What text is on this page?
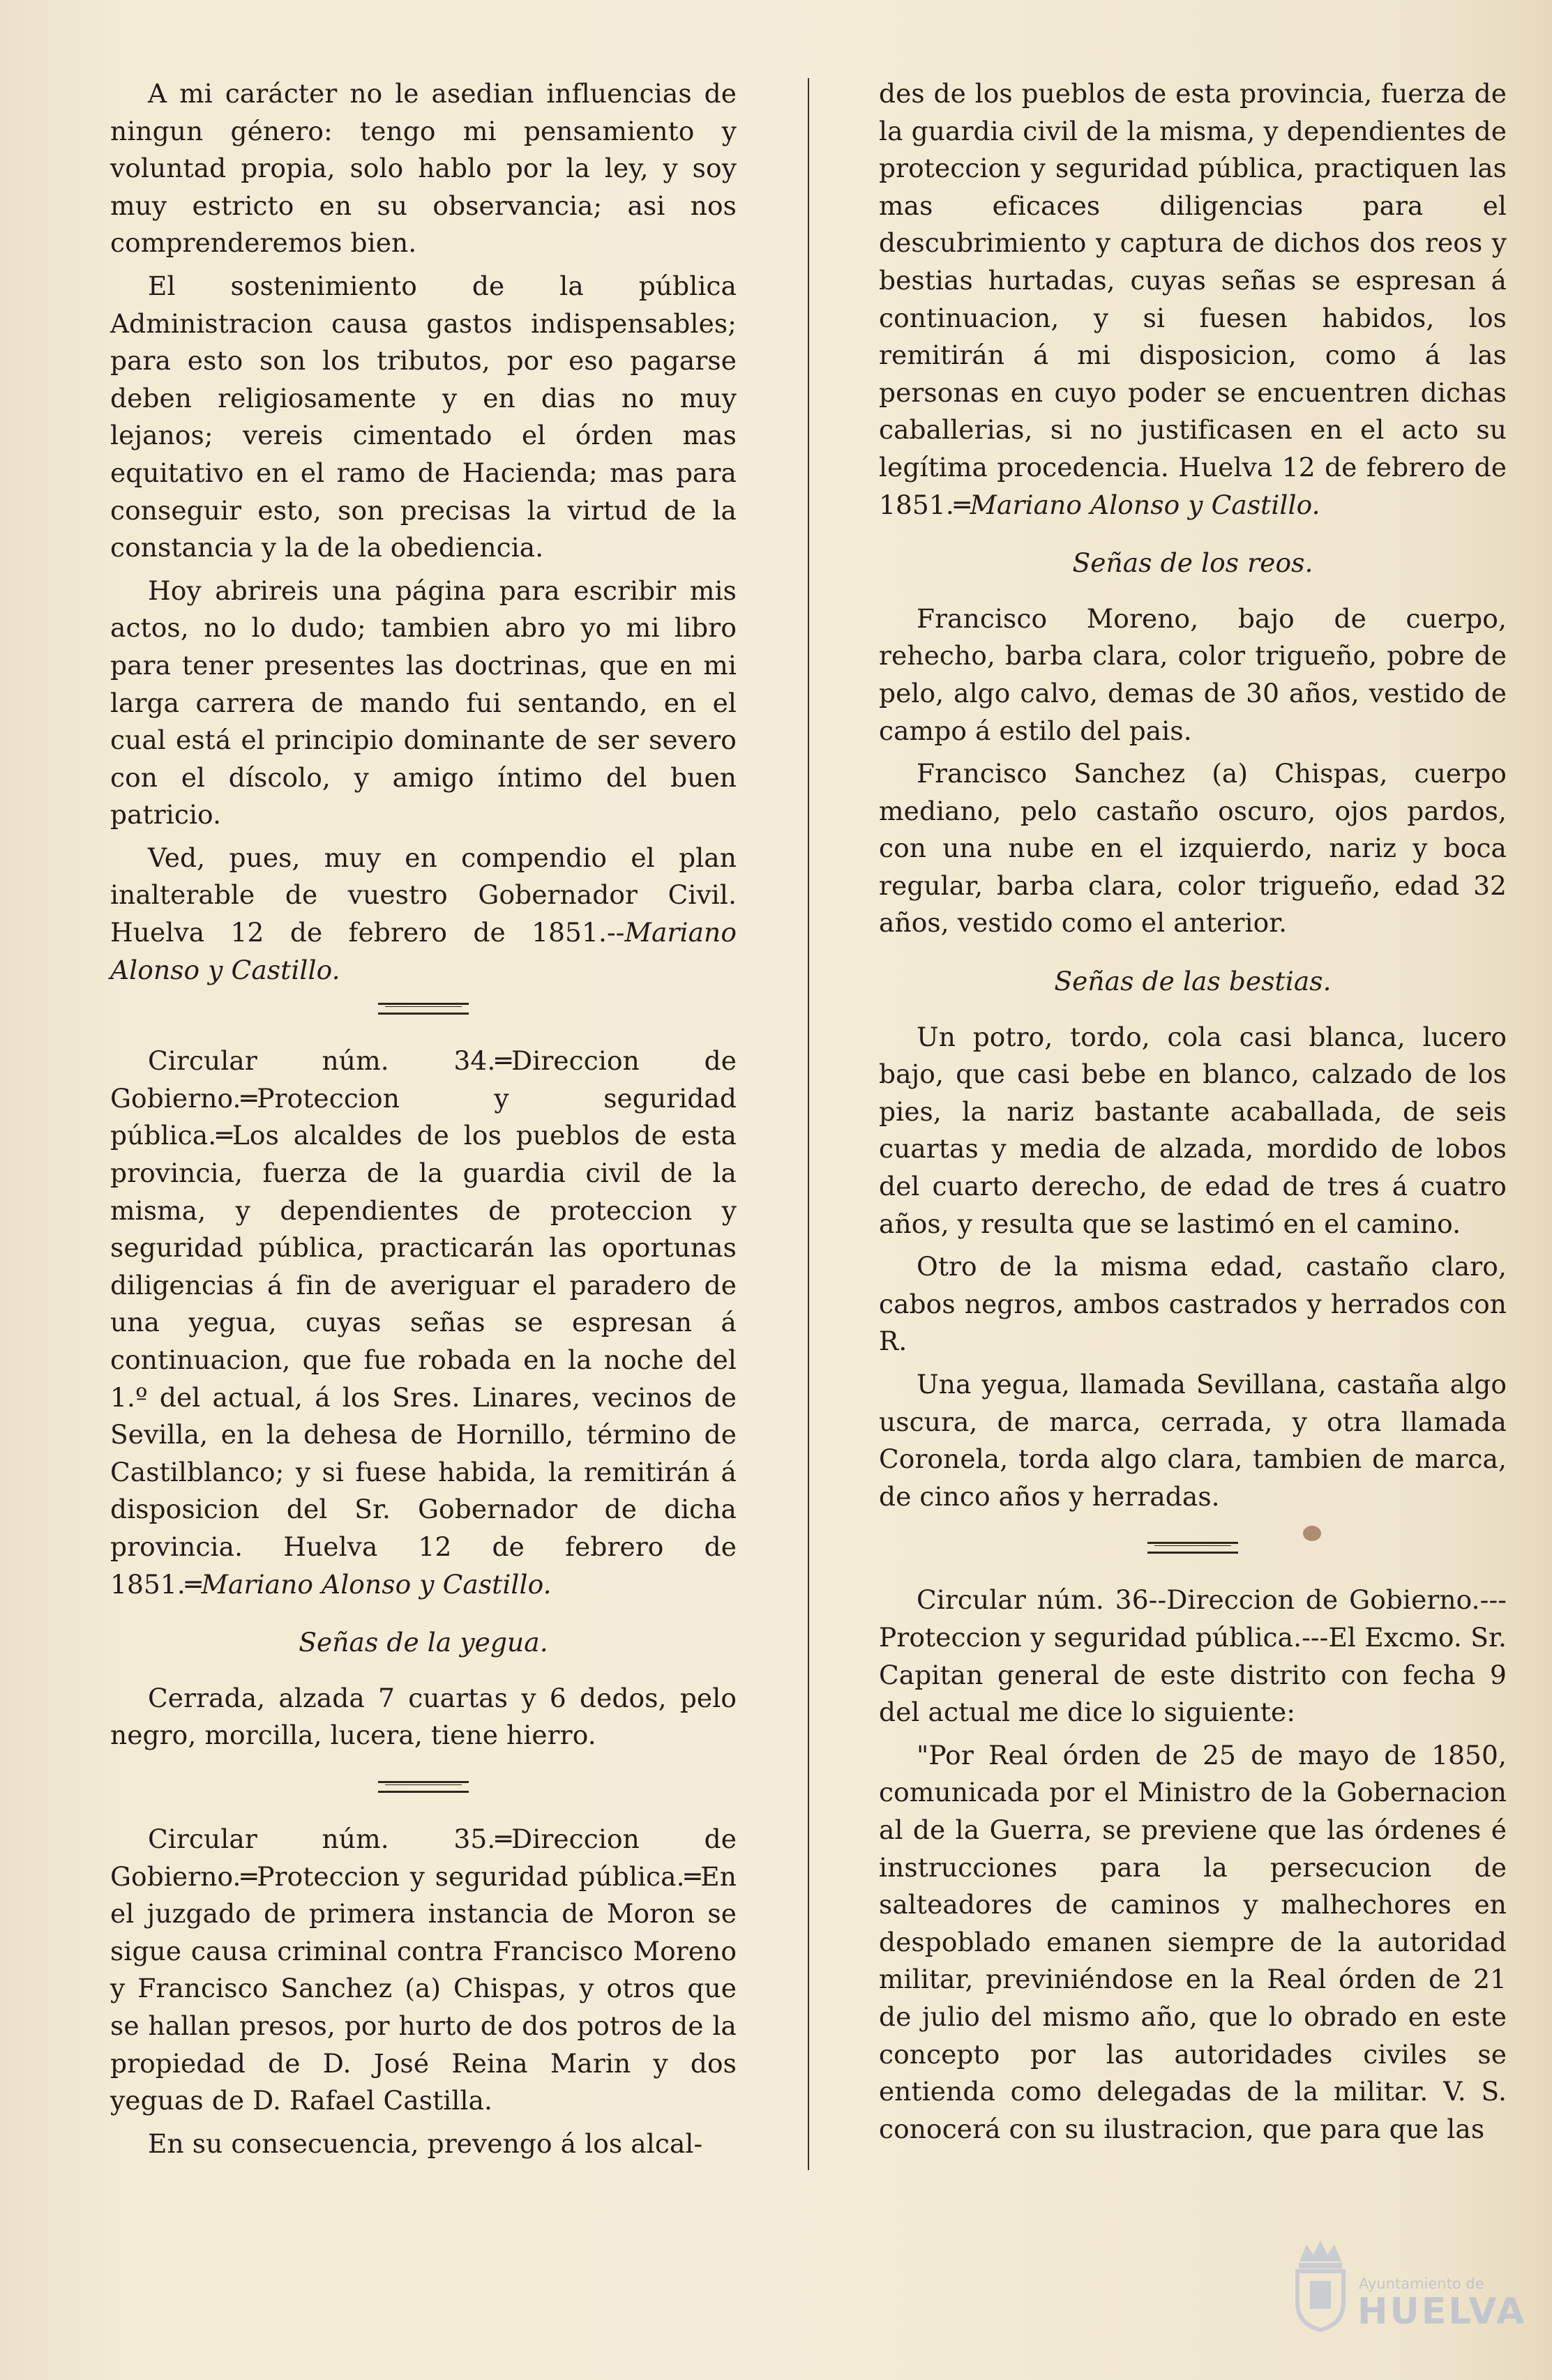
A mi carácter no le asedian influencias de ningun género: tengo mi pensamiento y voluntad propia, solo hablo por la ley, y soy muy estricto en su observancia; asi nos comprenderemos bien.

El sostenimiento de la pública Administracion causa gastos indispensables; para esto son los tributos, por eso pagarse deben religiosamente y en dias no muy lejanos; vereis cimentado el órden mas equitativo en el ramo de Hacienda; mas para conseguir esto, son precisas la virtud de la constancia y la de la obediencia.

Hoy abrireis una página para escribir mis actos, no lo dudo; tambien abro yo mi libro para tener presentes las doctrinas, que en mi larga carrera de mando fui sentando, en el cual está el principio dominante de ser severo con el díscolo, y amigo íntimo del buen patricio.

Ved, pues, muy en compendio el plan inalterable de vuestro Gobernador Civil. Huelva 12 de febrero de 1851.--Mariano Alonso y Castillo.

Circular núm. 34.═Direccion de Gobierno.═Proteccion y seguridad pública.═Los alcaldes de los pueblos de esta provincia, fuerza de la guardia civil de la misma, y dependientes de proteccion y seguridad pública, practicarán las oportunas diligencias á fin de averiguar el paradero de una yegua, cuyas señas se espresan á continuacion, que fue robada en la noche del 1.º del actual, á los Sres. Linares, vecinos de Sevilla, en la dehesa de Hornillo, término de Castilblanco; y si fuese habida, la remitirán á disposicion del Sr. Gobernador de dicha provincia. Huelva 12 de febrero de 1851.═Mariano Alonso y Castillo.

Señas de la yegua.

Cerrada, alzada 7 cuartas y 6 dedos, pelo negro, morcilla, lucera, tiene hierro.

Circular núm. 35.═Direccion de Gobierno.═Proteccion y seguridad pública.═En el juzgado de primera instancia de Moron se sigue causa criminal contra Francisco Moreno y Francisco Sanchez (a) Chispas, y otros que se hallan presos, por hurto de dos potros de la propiedad de D. José Reina Marin y dos yeguas de D. Rafael Castilla.

En su consecuencia, prevengo á los alcal-

des de los pueblos de esta provincia, fuerza de la guardia civil de la misma, y dependientes de proteccion y seguridad pública, practiquen las mas eficaces diligencias para el descubrimiento y captura de dichos dos reos y bestias hurtadas, cuyas señas se espresan á continuacion, y si fuesen habidos, los remitirán á mi disposicion, como á las personas en cuyo poder se encuentren dichas caballerias, si no justificasen en el acto su legítima procedencia. Huelva 12 de febrero de 1851.═Mariano Alonso y Castillo.

Señas de los reos.

Francisco Moreno, bajo de cuerpo, rehecho, barba clara, color trigueño, pobre de pelo, algo calvo, demas de 30 años, vestido de campo á estilo del pais.

Francisco Sanchez (a) Chispas, cuerpo mediano, pelo castaño oscuro, ojos pardos, con una nube en el izquierdo, nariz y boca regular, barba clara, color trigueño, edad 32 años, vestido como el anterior.

Señas de las bestias.

Un potro, tordo, cola casi blanca, lucero bajo, que casi bebe en blanco, calzado de los pies, la nariz bastante acaballada, de seis cuartas y media de alzada, mordido de lobos del cuarto derecho, de edad de tres á cuatro años, y resulta que se lastimó en el camino.

Otro de la misma edad, castaño claro, cabos negros, ambos castrados y herrados con R.

Una yegua, llamada Sevillana, castaña algo uscura, de marca, cerrada, y otra llamada Coronela, torda algo clara, tambien de marca, de cinco años y herradas.

Circular núm. 36--Direccion de Gobierno.---Proteccion y seguridad pública.---El Excmo. Sr. Capitan general de este distrito con fecha 9 del actual me dice lo siguiente:

"Por Real órden de 25 de mayo de 1850, comunicada por el Ministro de la Gobernacion al de la Guerra, se previene que las órdenes é instrucciones para la persecucion de salteadores de caminos y malhechores en despoblado emanen siempre de la autoridad militar, previniéndose en la Real órden de 21 de julio del mismo año, que lo obrado en este concepto por las autoridades civiles se entienda como delegadas de la militar. V. S. conocerá con su ilustracion, que para que las

Ayuntamiento de
HUELVA
